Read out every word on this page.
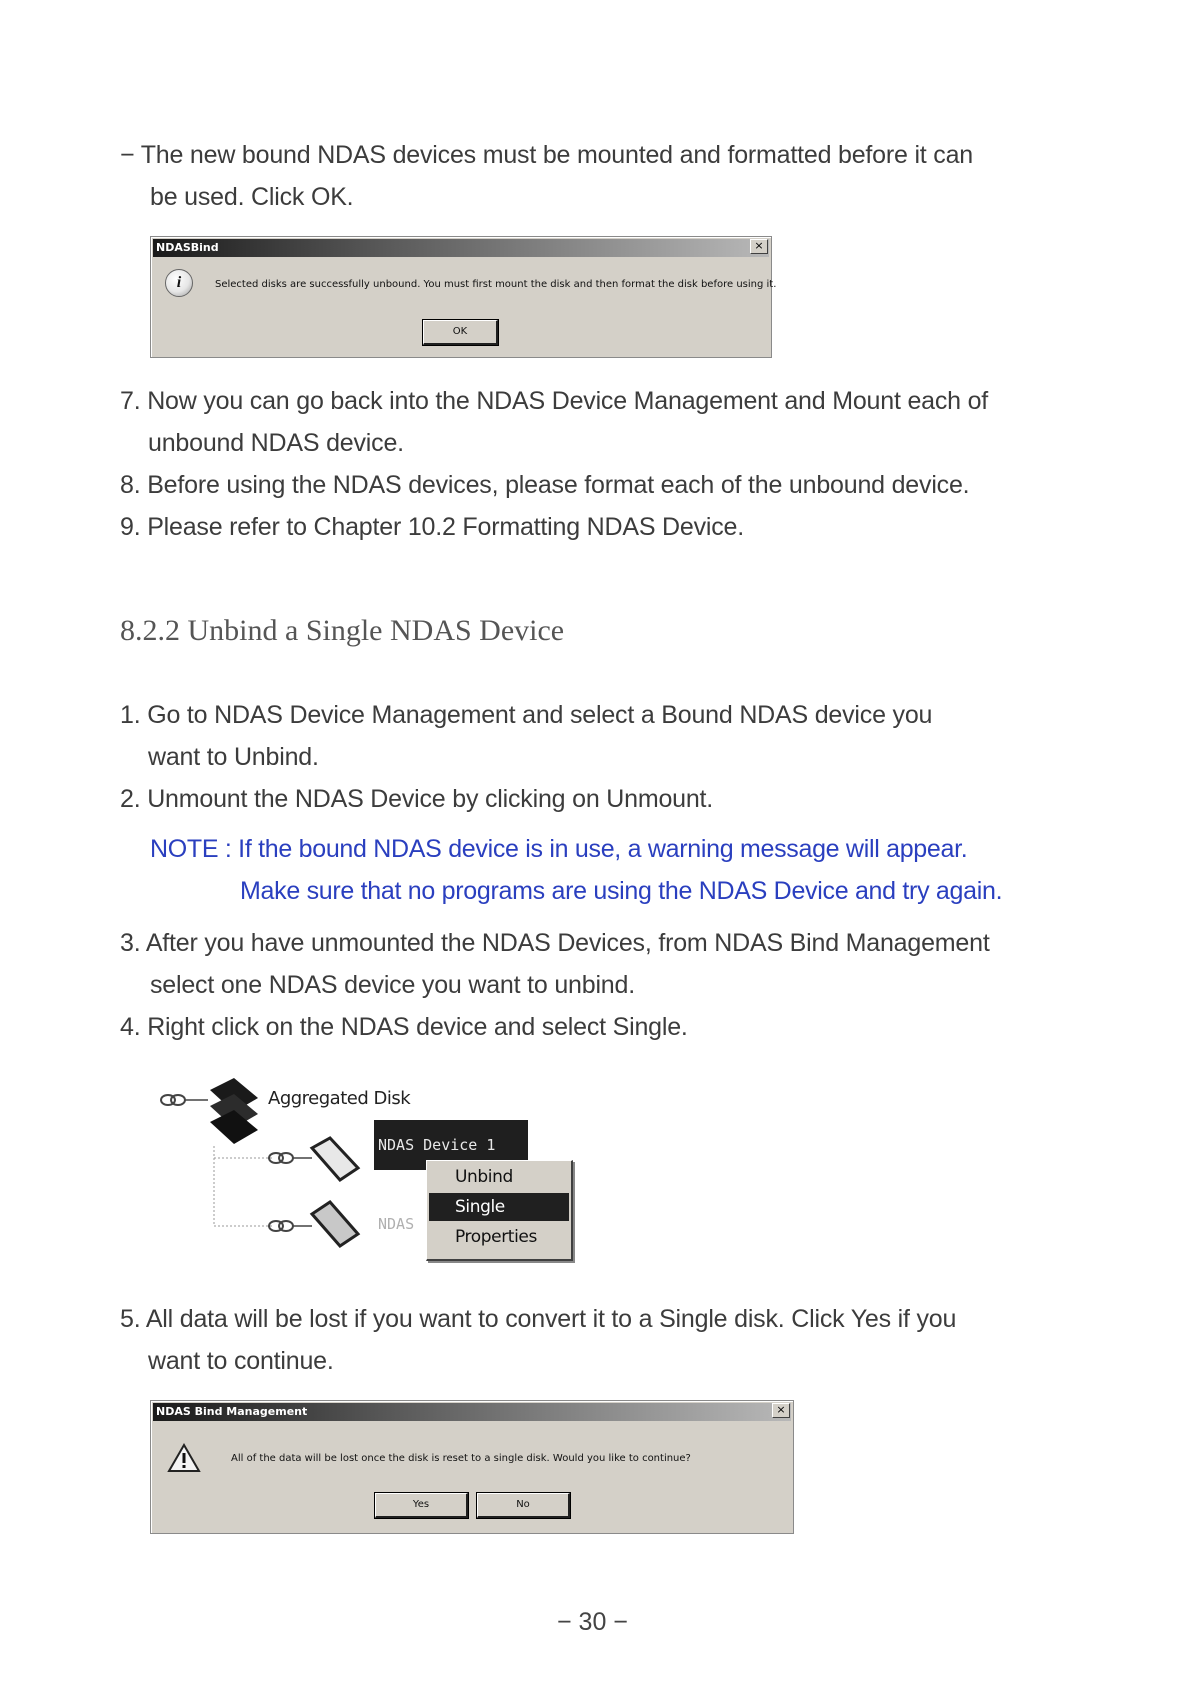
− The new bound NDAS devices must be mounted and formatted before it can
be used. Click OK.
NDASBind	×
i	Selected disks are successfully unbound. You must first mount the disk and then format the disk before using it.
OK
7. Now you can go back into the NDAS Device Management and Mount each of
unbound NDAS device.
8. Before using the NDAS devices, please format each of the unbound device.
9. Please refer to Chapter 10.2 Formatting NDAS Device.
8.2.2 Unbind a Single NDAS Device
1. Go to NDAS Device Management and select a Bound NDAS device you
want to Unbind.
2. Unmount the NDAS Device by clicking on Unmount.
NOTE : If the bound NDAS device is in use, a warning message will appear.
Make sure that no programs are using the NDAS Device and try again.
3. After you have unmounted the NDAS Devices, from NDAS Bind Management
select one NDAS device you want to unbind.
4. Right click on the NDAS device and select Single.
Aggregated Disk
NDAS Device 1
NDAS
Unbind
Single
Properties
5. All data will be lost if you want to convert it to a Single disk. Click Yes if you
want to continue.
NDAS Bind Management	×
All of the data will be lost once the disk is reset to a single disk. Would you like to continue?
Yes	No
− 30 −
